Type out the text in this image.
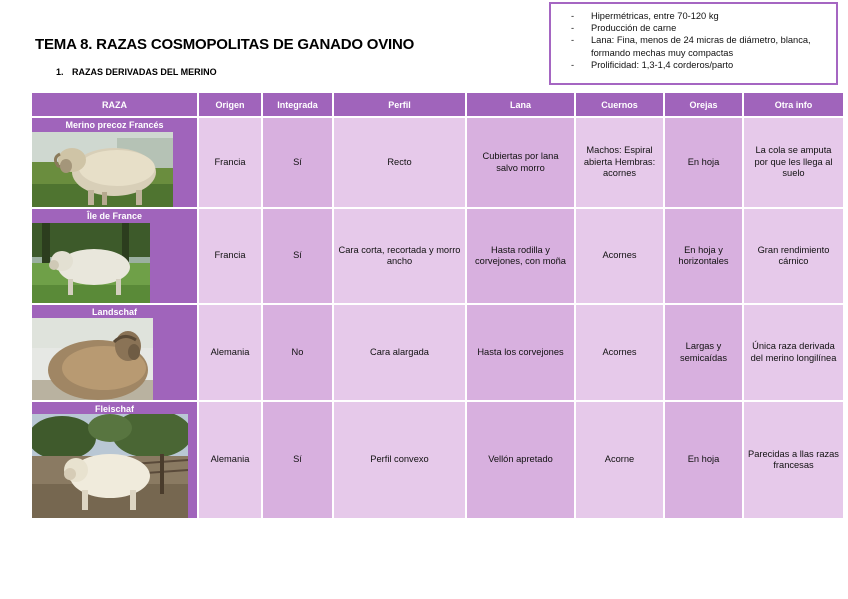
TEMA 8. RAZAS COSMOPOLITAS DE GANADO OVINO

1. RAZAS DERIVADAS DEL MERINO

- Hipermétricas, entre 70-120 kg
- Producción de carne
- Lana: Fina, menos de 24 micras de diámetro, blanca, formando mechas muy compactas
- Prolificidad: 1,3-1,4 corderos/parto
RAZA	Origen	Integrada	Perfil	Lana	Cuernos	Orejas	Otra info

Merino precoz Francés	Francia	Sí	Recto	Cubiertas por lana salvo morro	Machos: Espiral abierta Hembras: acornes	En hoja	La cola se amputa por que les llega al suelo

Île de France	Francia	Sí	Cara corta, recortada y morro ancho	Hasta rodilla y corvejones, con moña	Acornes	En hoja y horizontales	Gran rendimiento cárnico

Landschaf	Alemania	No	Cara alargada	Hasta los corvejones	Acornes	Largas y semicaídas	Única raza derivada del merino longilínea

Fleischaf	Alemania	Sí	Perfil convexo	Vellón apretado	Acorne	En hoja	Parecidas a llas razas francesas
